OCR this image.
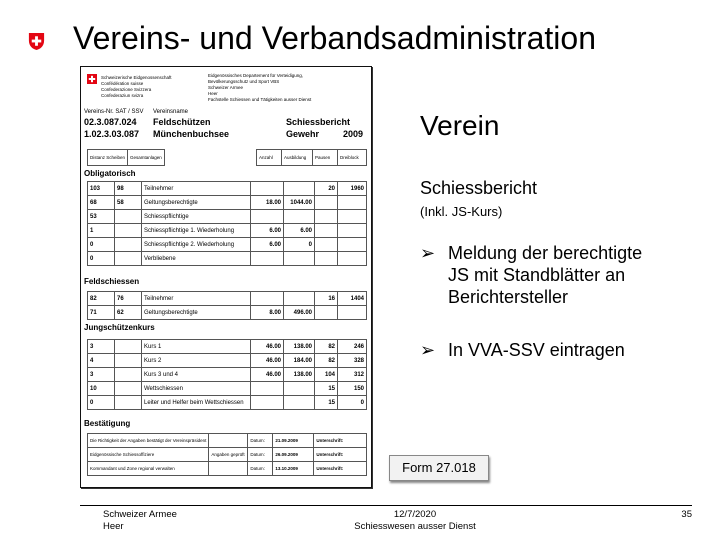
Vereins- und Verbandsadministration
Schweizerische Eidgenossenschaft
Confédération suisse
Confederazione Svizzera
Confederaziun svizra
Eidgenössisches Departement für Verteidigung,
Bevölkerungsschutz und Sport VBS
Schweizer Armee
Heer
Fachstelle Schiessen und Tätigkeiten ausser Dienst
Vereins-Nr. SAT / SSV Vereinsname
02.3.087.024 Feldschützen	Schiessbericht
1.02.3.03.087 Münchenbuchsee	Gewehr	2009
Distanz Scheiben	Gesamtanlagen		Anzahl	Ausbildung	Pausen	Dreiblock
Obligatorisch
103	98	Teilnehmer			20	1960
68	58	Geltungsberechtigte	18.00	1044.00		
53		Schiesspflichtige				
1		Schiesspflichtige 1. Wiederholung	6.00	6.00		
0		Schiesspflichtige 2. Wiederholung	6.00	0		
0		Verbliebene				
Feldschiessen
82	76	Teilnehmer			16	1404
71	62	Geltungsberechtigte	8.00	496.00		
Jungschützenkurs
3		Kurs 1	46.00	138.00	82	246
4		Kurs 2	46.00	184.00	82	328
3		Kurs 3 und 4	46.00	138.00	104	312
10		Wettschiessen			15	150
0		Leiter und Helfer beim Wettschiessen			15	0
Bestätigung
Die Richtigkeit der Angaben bestätigt der Vereinspräsident		Datum:	21.09.2009	Unterschrift:
Eidgenössische Schiessoffiziere	Angaben geprüft	Datum:	26.09.2009	Unterschrift:
Kommandant und Zone regional verwalten		Datum:	13.10.2009	Unterschrift:
Verein
Schiessbericht
(Inkl. JS-Kurs)
➢ Meldung der berechtigte
JS mit Standblätter an
Berichtersteller
➢ In VVA-SSV eintragen
Form 27.018
Schweizer Armee
Heer
12/7/2020
Schiesswesen ausser Dienst
35
